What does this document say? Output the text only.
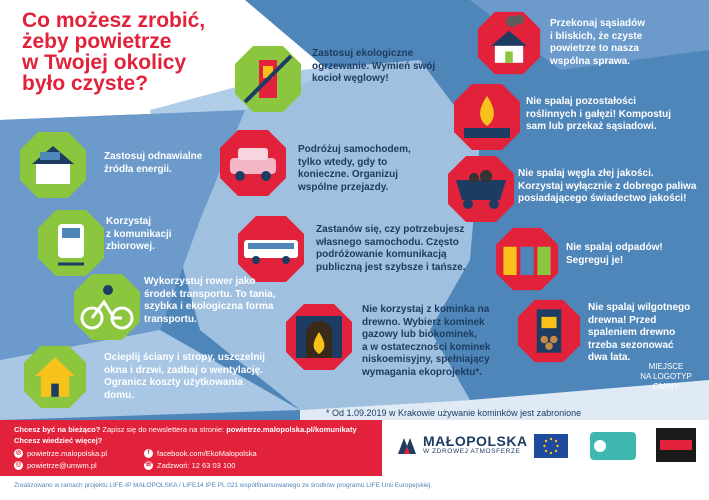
Co możesz zrobić,
żeby powietrze
w Twojej okolicy
było czyste?
Zastosuj ekologiczne
ogrzewanie. Wymień swój
kocioł węglowy!
Zastosuj odnawialne
źródła energii.
Podróżuj samochodem,
tylko wtedy, gdy to
konieczne. Organizuj
wspólne przejazdy.
Korzystaj
z komunikacji
zbiorowej.
Zastanów się, czy potrzebujesz
własnego samochodu. Często
podróżowanie komunikacją
publiczną jest szybsze i tańsze.
Wykorzystuj rower jako
środek transportu. To tania,
szybka i ekologiczna forma
transportu.
Nie korzystaj z kominka na
drewno. Wybierz kominek
gazowy lub biokominek,
a w ostateczności kominek
niskoemisyjny, spełniający
wymagania ekoprojektu*.
Ocieplij ściany i stropy, uszczelnij
okna i drzwi, zadbaj o wentylację.
Ogranicz koszty użytkowania
domu.
Przekonaj sąsiadów
i bliskich, że czyste
powietrze to nasza
wspólna sprawa.
Nie spalaj pozostałości
roślinnych i gałęzi! Kompostuj
sam lub przekaż sąsiadowi.
Nie spalaj węgla złej jakości.
Korzystaj wyłącznie z dobrego paliwa
posiadającego świadectwo jakości!
Nie spalaj odpadów!
Segreguj je!
Nie spalaj wilgotnego
drewna! Przed
spaleniem drewno
trzeba sezonować
dwa lata.
* Od 1.09.2019 w Krakowie używanie kominków jest zabronione
MIEJSCE
NA LOGOTYP
GMINY
Chcesz być na bieżąco? Zapisz się do newslettera na stronie: powietrze.malopolska.pl/komunikaty
Chcesz wiedzieć więcej?
◎ powietrze.malopolska.pl	f	facebook.com/EkoMalopolska
@ powietrze@umwm.pl	☏ Zadzwoń: 12 63 03 100
MAŁOPOLSKA
W ZDROWEJ ATMOSFERZE
Zrealizowano w ramach projektu LIFE-IP MAŁOPOLSKA / LIFE14 IPE PL 021 współfinansowanego ze środków programu LIFE Unii Europejskiej.
